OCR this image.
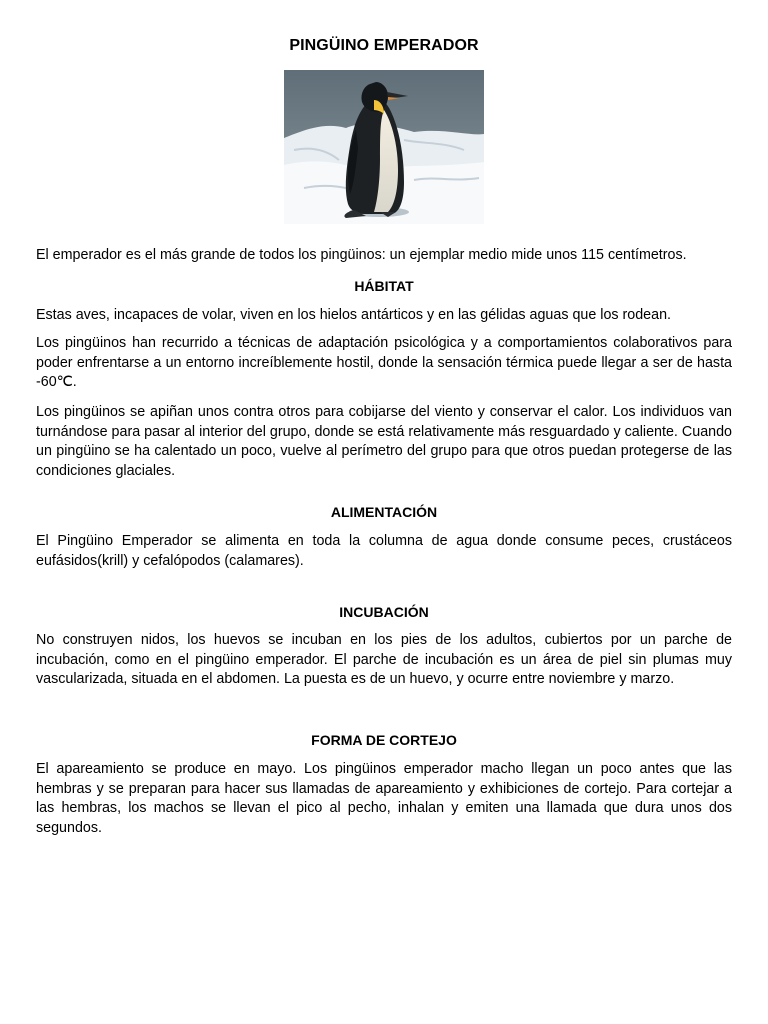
PINGÜINO EMPERADOR

El emperador es el más grande de todos los pingüinos: un ejemplar medio mide unos 115 centímetros.

HÁBITAT

Estas aves, incapaces de volar, viven en los hielos antárticos y en las gélidas aguas que los rodean.

Los pingüinos han recurrido a técnicas de adaptación psicológica y a comportamientos colaborativos para poder enfrentarse a un entorno increíblemente hostil, donde la sensación térmica puede llegar a ser de hasta -60℃.

Los pingüinos se apiñan unos contra otros para cobijarse del viento y conservar el calor. Los individuos van turnándose para pasar al interior del grupo, donde se está relativamente más resguardado y caliente. Cuando un pingüino se ha calentado un poco, vuelve al perímetro del grupo para que otros puedan protegerse de las condiciones glaciales.

ALIMENTACIÓN

El Pingüino Emperador se alimenta en toda la columna de agua donde consume peces, crustáceos eufásidos(krill) y cefalópodos (calamares).

INCUBACIÓN

No construyen nidos, los huevos se incuban en los pies de los adultos, cubiertos por un parche de incubación, como en el pingüino emperador. El parche de incubación es un área de piel sin plumas muy vascularizada, situada en el abdomen. La puesta es de un huevo, y ocurre entre noviembre y marzo.

FORMA DE CORTEJO

El apareamiento se produce en mayo. Los pingüinos emperador macho llegan un poco antes que las hembras y se preparan para hacer sus llamadas de apareamiento y exhibiciones de cortejo. Para cortejar a las hembras, los machos se llevan el pico al pecho, inhalan y emiten una llamada que dura unos dos segundos.
